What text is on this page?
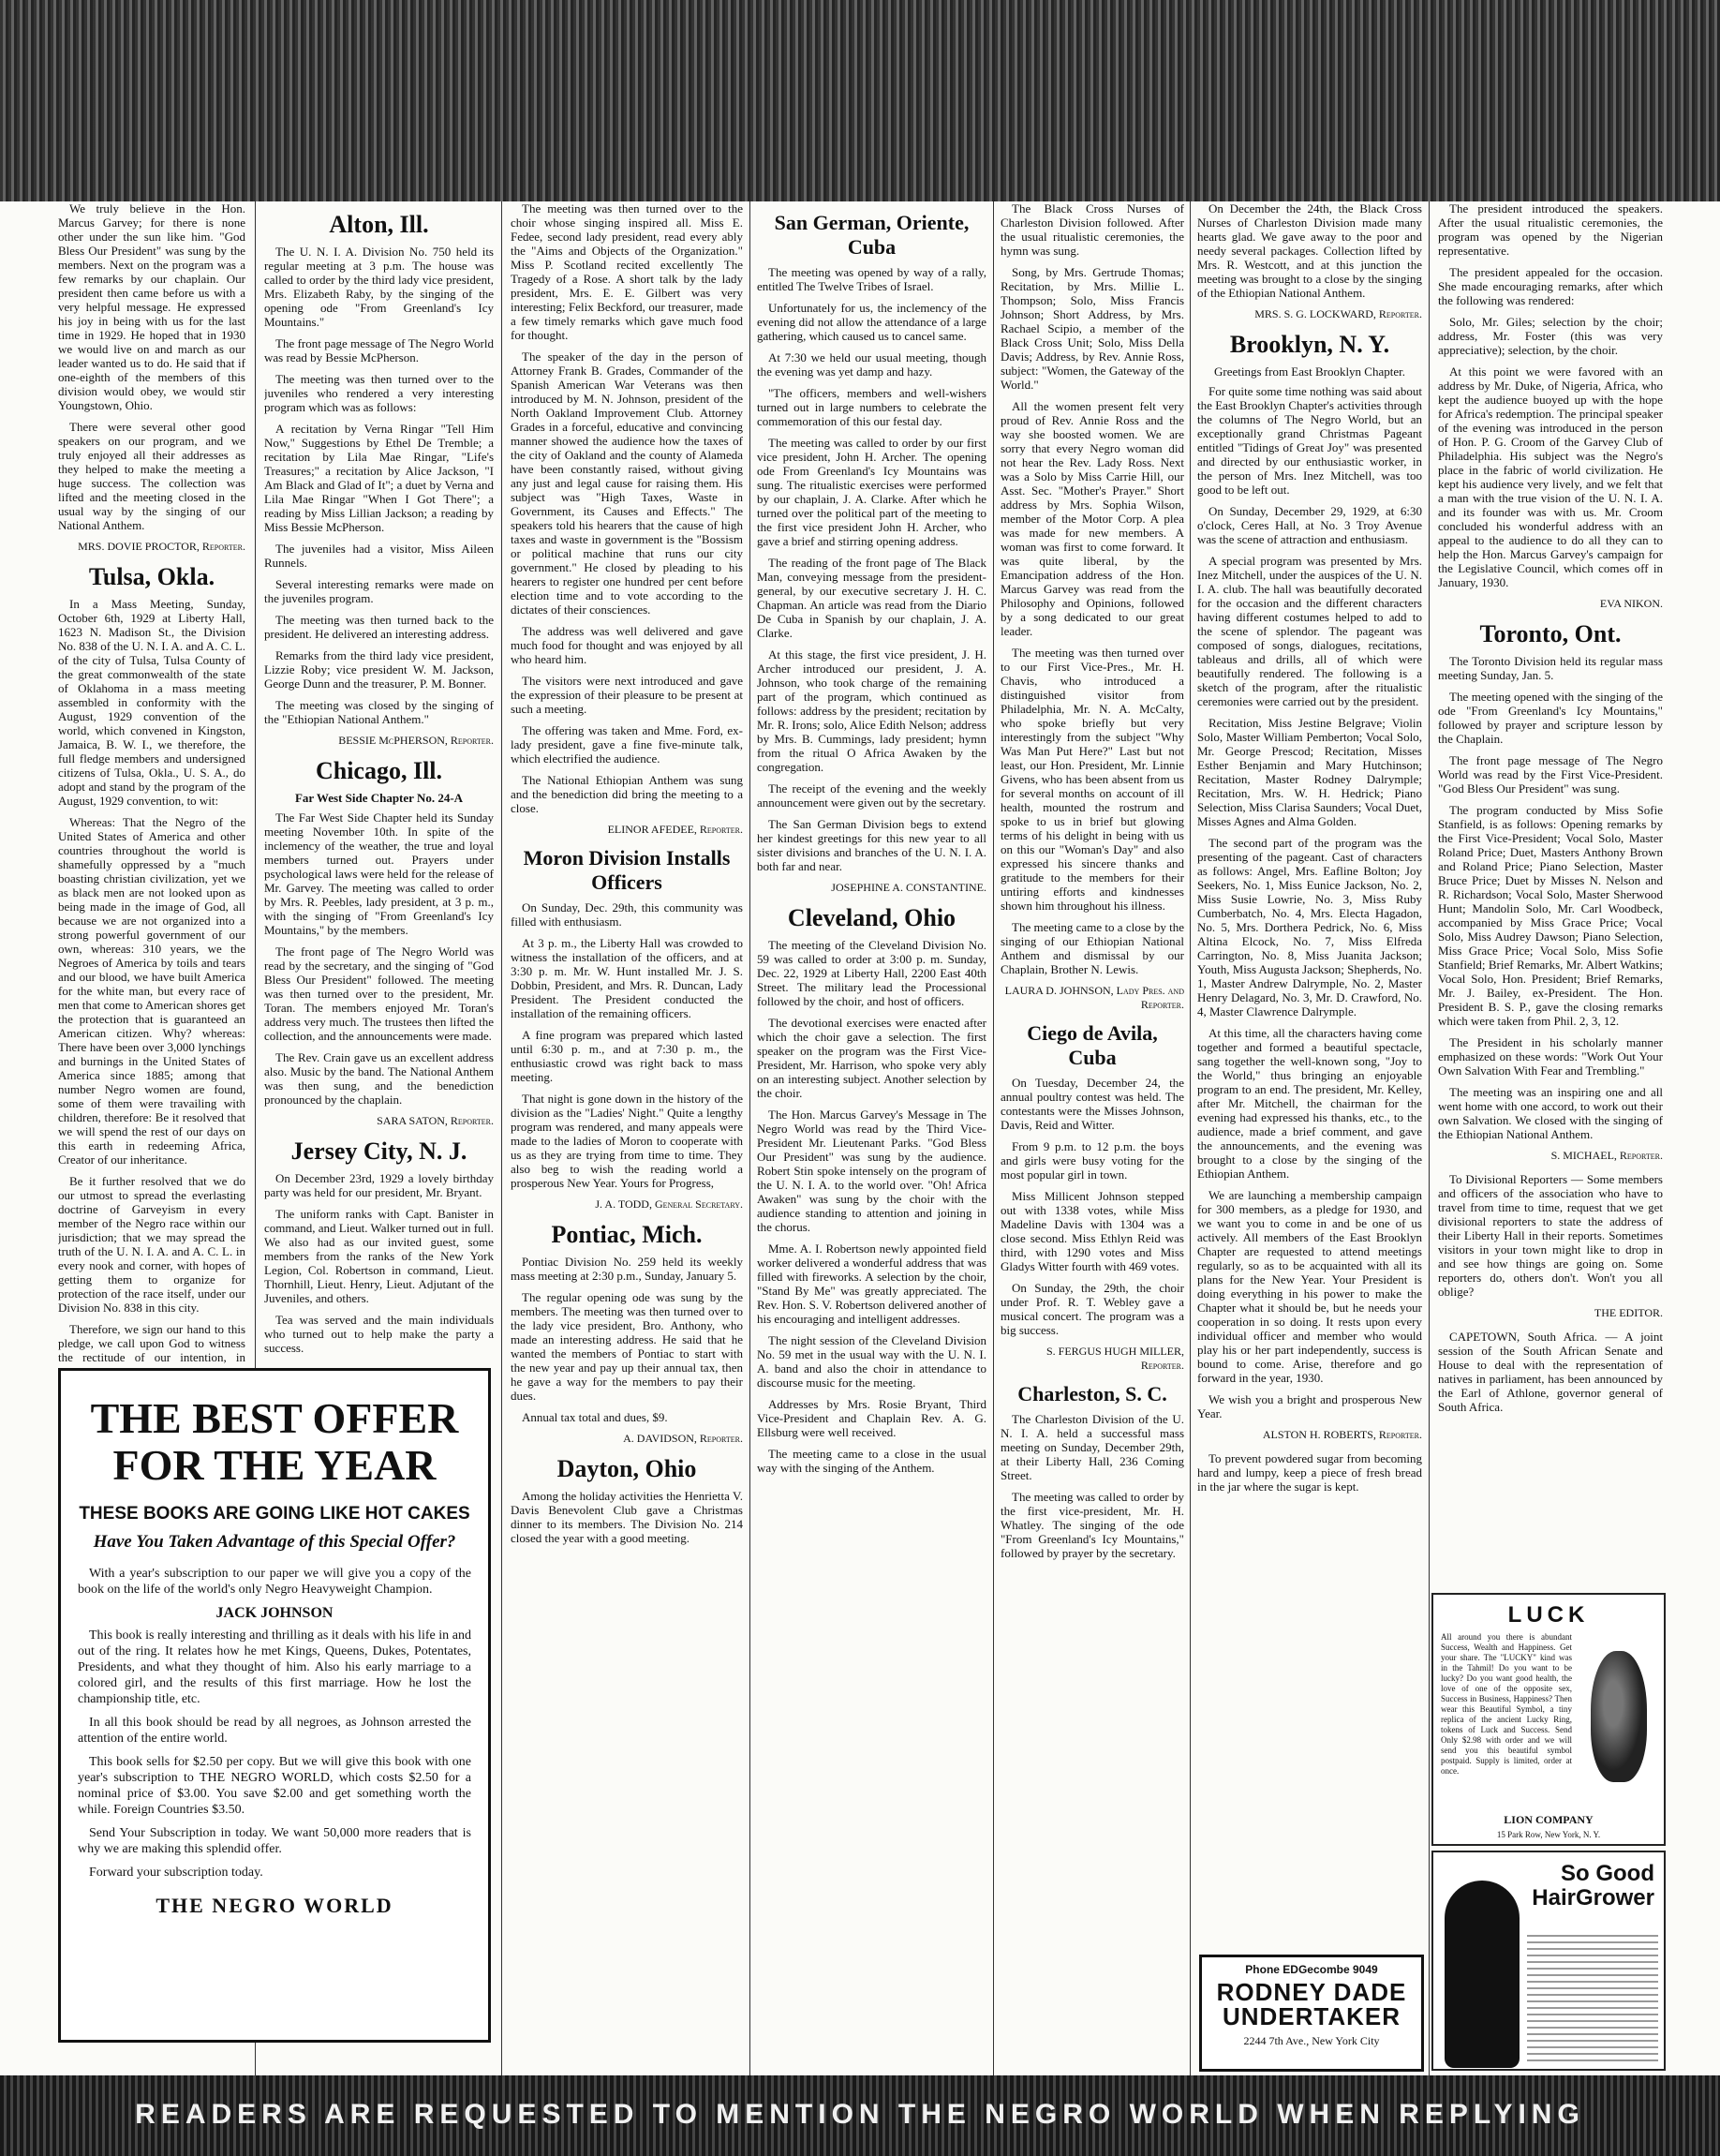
We truly believe in the Hon. Marcus Garvey; for there is none other under the sun like him. "God Bless Our President" was sung by the members. Next on the program was a few remarks by our chaplain. Our president then came before us with a very helpful message. He expressed his joy in being with us for the last time in 1929. He hoped that in 1930 we would live on and march as our leader wanted us to do. He said that if one-eighth of the members of this division would obey, we would stir Youngstown, Ohio.

There were several other good speakers on our program, and we truly enjoyed all their addresses as they helped to make the meeting a huge success. The collection was lifted and the meeting closed in the usual way by the singing of our National Anthem.

MRS. DOVIE PROCTOR, Reporter.
Tulsa, Okla.

In a Mass Meeting, Sunday, October 6th, 1929 at Liberty Hall, 1623 N. Madison St., the Division No. 838 of the U. N. I. A. and A. C. L. of the city of Tulsa, Tulsa County of the great commonwealth of the state of Oklahoma in a mass meeting assembled in conformity with the August, 1929 convention of the world, which convened in Kingston, Jamaica, B. W. I., we therefore, the full fledge members and undersigned citizens of Tulsa, Okla., U. S. A., do adopt and stand by the program of the August, 1929 convention, to wit:

Whereas: That the Negro of the United States of America and other countries throughout the world is shamefully oppressed by a "much boasting christian civilization, yet we as black men are not looked upon as being made in the image of God, all because we are not organized into a strong powerful government of our own, whereas: 310 years, we the Negroes of America by toils and tears and our blood, we have built America for the white man, but every race of men that come to American shores get the protection that is guaranteed an American citizen. Why? whereas: There have been over 3,000 lynchings and burnings in the United States of America since 1885; among that number Negro women are found, some of them were travailing with children, therefore: Be it resolved that we will spend the rest of our days on this earth in redeeming Africa, Creator of our inheritance.

Be it further resolved that we do our utmost to spread the everlasting doctrine of Garveyism in every member of the Negro race within our jurisdiction; that we may spread the truth of the U. N. I. A. and A. C. L. in every nook and corner, with hopes of getting them to organize for protection of the race itself, under our Division No. 838 in this city.

Therefore, we sign our hand to this pledge, we call upon God to witness the rectitude of our intention, in

THE BEST OFFER FOR THE YEAR
THESE BOOKS ARE GOING LIKE HOT CAKES
Have You Taken Advantage of this Special Offer?

With a year's subscription to our paper we will give you a copy of the book on the life of the world's only Negro Heavyweight Champion.

JACK JOHNSON

This book is really interesting and thrilling as it deals with his life in and out of the ring. It relates how he met Kings, Queens, Dukes, Potentates, Presidents, and what they thought of him. Also his early marriage to a colored girl, and the results of this first marriage. How he lost the championship title, etc.

In all this book should be read by all negroes, as Johnson arrested the attention of the entire world.

This book sells for $2.50 per copy. But we will give this book with one year's subscription to THE NEGRO WORLD, which costs $2.50 for a nominal price of $3.00. You save $2.00 and get something worth the while. Foreign Countries $3.50.

Send Your Subscription in today. We want 50,000 more readers that is why we are making this splendid offer.

Forward your subscription today.

THE NEGRO WORLD
Alton, Ill.

The U. N. I. A. Division No. 750 held its regular meeting at 3 p.m. The house was called to order by the third lady vice president, Mrs. Elizabeth Raby, by the singing of the opening ode "From Greenland's Icy Mountains."

The front page message of The Negro World was read by Bessie McPherson.

The meeting was then turned over to the juveniles who rendered a very interesting program which was as follows:

A recitation by Verna Ringar "Tell Him Now," Suggestions by Ethel De Tremble; a recitation by Lila Mae Ringar, "Life's Treasures;" a recitation by Alice Jackson, "I Am Black and Glad of It"; a duet by Verna and Lila Mae Ringar "When I Got There"; a reading by Miss Lillian Jackson; a reading by Miss Bessie McPherson.

The juveniles had a visitor, Miss Aileen Runnels.

Several interesting remarks were made on the juveniles program.

The meeting was then turned back to the president. He delivered an interesting address.

Remarks from the third lady vice president, Lizzie Roby; vice president W. M. Jackson, George Dunn and the treasurer, P. M. Bonner.

The meeting was closed by the singing of the "Ethiopian National Anthem."

BESSIE McPHERSON, Reporter.
Chicago, Ill.
Far West Side Chapter No. 24-A

The Far West Side Chapter held its Sunday meeting November 10th. In spite of the inclemency of the weather, the true and loyal members turned out. Prayers under psychological laws were held for the release of Mr. Garvey. The meeting was called to order by Mrs. R. Peebles, lady president, at 3 p. m., with the singing of "From Greenland's Icy Mountains," by the members.

The front page of The Negro World was read by the secretary, and the singing of "God Bless Our President" followed. The meeting was then turned over to the president, Mr. Toran. The members enjoyed Mr. Toran's address very much. The trustees then lifted the collection, and the announcements were made.

The Rev. Crain gave us an excellent address also. Music by the band. The National Anthem was then sung, and the benediction pronounced by the chaplain.

SARA SATON, Reporter.
Jersey City, N. J.

On December 23rd, 1929 a lovely birthday party was held for our president, Mr. Bryant.

The uniform ranks with Capt. Banister in command, and Lieut. Walker turned out in full. We also had as our invited guest, some members from the ranks of the New York Legion, Col. Robertson in command, Lieut. Thornhill, Lieut. Henry, Lieut. Adjutant of the Juveniles, and others.

Tea was served and the main individuals who turned out to help make the party a success.

The meeting was then turned over to the choir whose singing inspired all. Miss E. Fedee, second lady president, read every ably the "Aims and Objects of the Organization." Miss P. Scotland recited excellently The Tragedy of a Rose. A short talk by the lady president, Mrs. E. E. Gilbert was very interesting; Felix Beckford, our treasurer, made a few timely remarks which gave much food for thought.

The speaker of the day in the person of Attorney Frank B. Grades, Commander of the Spanish American War Veterans was then introduced by M. N. Johnson, president of the North Oakland Improvement Club. Attorney Grades in a forceful, educative and convincing manner showed the audience how the taxes of the city of Oakland and the county of Alameda have been constantly raised, without giving any just and legal cause for raising them. His subject was "High Taxes, Waste in Government, its Causes and Effects." The speakers told his hearers that the cause of high taxes and waste in government is the "Bossism or political machine that runs our city government." He closed by pleading to his hearers to register one hundred per cent before election time and to vote according to the dictates of their consciences.

The address was well delivered and gave much food for thought and was enjoyed by all who heard him.

The visitors were next introduced and gave the expression of their pleasure to be present at such a meeting.

The offering was taken and Mme. Ford, ex-lady president, gave a fine five-minute talk, which electrified the audience.

The National Ethiopian Anthem was sung and the benediction did bring the meeting to a close.

ELINOR AFEDEE, Reporter.
Moron Division Installs Officers

On Sunday, Dec. 29th, this community was filled with enthusiasm.

At 3 p. m., the Liberty Hall was crowded to witness the installation of the officers, and at 3:30 p. m. Mr. W. Hunt installed Mr. J. S. Dobbin, President, and Mrs. R. Duncan, Lady President. The President conducted the installation of the remaining officers.

A fine program was prepared which lasted until 6:30 p. m., and at 7:30 p. m., the enthusiastic crowd was right back to mass meeting.

That night is gone down in the history of the division as the "Ladies' Night." Quite a lengthy program was rendered, and many appeals were made to the ladies of Moron to cooperate with us as they are trying from time to time. They also beg to wish the reading world a prosperous New Year. Yours for Progress,

J. A. TODD, General Secretary.
Pontiac, Mich.

Pontiac Division No. 259 held its weekly mass meeting at 2:30 p.m., Sunday, January 5.

The regular opening ode was sung by the members. The meeting was then turned over to the lady vice president, Bro. Anthony, who made an interesting address. He said that he wanted the members of Pontiac to start with the new year and pay up their annual tax, then he gave a way for the members to pay their dues.

Annual tax total and dues, $9.

A. DAVIDSON, Reporter.
Dayton, Ohio

Among the holiday activities the Henrietta V. Davis Benevolent Club gave a Christmas dinner to its members. The Division No. 214 closed the year with a good meeting.

San German, Oriente, Cuba

The meeting was opened by way of a rally, entitled The Twelve Tribes of Israel.

Unfortunately for us, the inclemency of the evening did not allow the attendance of a large gathering, which caused us to cancel same.

At 7:30 we held our usual meeting, though the evening was yet damp and hazy.

"The officers, members and well-wishers turned out in large numbers to celebrate the commemoration of this our festal day.

The meeting was called to order by our first vice president, John H. Archer. The opening ode From Greenland's Icy Mountains was sung. The ritualistic exercises were performed by our chaplain, J. A. Clarke. After which he turned over the political part of the meeting to the first vice president John H. Archer, who gave a brief and stirring opening address.

The reading of the front page of The Black Man, conveying message from the president-general, by our executive secretary J. H. C. Chapman. An article was read from the Diario De Cuba in Spanish by our chaplain, J. A. Clarke.

At this stage, the first vice president, J. H. Archer introduced our president, J. A. Johnson, who took charge of the remaining part of the program, which continued as follows: address by the president; recitation by Mr. R. Irons; solo, Alice Edith Nelson; address by Mrs. B. Cummings, lady president; hymn from the ritual O Africa Awaken by the congregation.

The receipt of the evening and the weekly announcement were given out by the secretary.

The San German Division begs to extend her kindest greetings for this new year to all sister divisions and branches of the U. N. I. A. both far and near.

JOSEPHINE A. CONSTANTINE.
Cleveland, Ohio

The meeting of the Cleveland Division No. 59 was called to order at 3:00 p. m. Sunday, Dec. 22, 1929 at Liberty Hall, 2200 East 40th Street. The military lead the Processional followed by the choir, and host of officers.

The devotional exercises were enacted after which the choir gave a selection. The first speaker on the program was the First Vice-President, Mr. Harrison, who spoke very ably on an interesting subject. Another selection by the choir.

The Hon. Marcus Garvey's Message in The Negro World was read by the Third Vice-President Mr. Lieutenant Parks. "God Bless Our President" was sung by the audience. Robert Stin spoke intensely on the program of the U. N. I. A. to the world over. "Oh! Africa Awaken" was sung by the choir with the audience standing to attention and joining in the chorus.

Mme. A. I. Robertson newly appointed field worker delivered a wonderful address that was filled with fireworks. A selection by the choir, "Stand By Me" was greatly appreciated. The Rev. Hon. S. V. Robertson delivered another of his encouraging and intelligent addresses.

The night session of the Cleveland Division No. 59 met in the usual way with the U. N. I. A. band and also the choir in attendance to discourse music for the meeting.

Addresses by Mrs. Rosie Bryant, Third Vice-President and Chaplain Rev. A. G. Ellsburg were well received.

The meeting came to a close in the usual way with the singing of the Anthem.

The Black Cross Nurses of Charleston Division followed. After the usual ritualistic ceremonies, the hymn was sung.

Song, by Mrs. Gertrude Thomas; Recitation, by Mrs. Millie L. Thompson; Solo, Miss Francis Johnson; Short Address, by Mrs. Rachael Scipio, a member of the Black Cross Unit; Solo, Miss Della Davis; Address, by Rev. Annie Ross, subject: "Women, the Gateway of the World."

All the women present felt very proud of Rev. Annie Ross and the way she boosted women. We are sorry that every Negro woman did not hear the Rev. Lady Ross. Next was a Solo by Miss Carrie Hill, our Asst. Sec. "Mother's Prayer." Short address by Mrs. Sophia Wilson, member of the Motor Corp. A plea was made for new members. A woman was first to come forward. It was quite liberal, by the Emancipation address of the Hon. Marcus Garvey was read from the Philosophy and Opinions, followed by a song dedicated to our great leader.

The meeting was then turned over to our First Vice-Pres., Mr. H. Chavis, who introduced a distinguished visitor from Philadelphia, Mr. N. A. McCalty, who spoke briefly but very interestingly from the subject "Why Was Man Put Here?" Last but not least, our Hon. President, Mr. Linnie Givens, who has been absent from us for several months on account of ill health, mounted the rostrum and spoke to us in brief but glowing terms of his delight in being with us on this our "Woman's Day" and also expressed his sincere thanks and gratitude to the members for their untiring efforts and kindnesses shown him throughout his illness.

The meeting came to a close by the singing of our Ethiopian National Anthem and dismissal by our Chaplain, Brother N. Lewis.

LAURA D. JOHNSON, Lady Pres. and Reporter.
Ciego de Avila, Cuba

On Tuesday, December 24, the annual poultry contest was held. The contestants were the Misses Johnson, Davis, Reid and Witter.

From 9 p.m. to 12 p.m. the boys and girls were busy voting for the most popular girl in town.

Miss Millicent Johnson stepped out with 1338 votes, while Miss Madeline Davis with 1304 was a close second. Miss Ethlyn Reid was third, with 1290 votes and Miss Gladys Witter fourth with 469 votes.

On Sunday, the 29th, the choir under Prof. R. T. Webley gave a musical concert. The program was a big success.

S. FERGUS HUGH MILLER, Reporter.
Charleston, S. C.

The Charleston Division of the U. N. I. A. held a successful mass meeting on Sunday, December 29th, at their Liberty Hall, 236 Coming Street.

The meeting was called to order by the first vice-president, Mr. H. Whatley. The singing of the ode "From Greenland's Icy Mountains," followed by prayer by the secretary.

On December the 24th, the Black Cross Nurses of Charleston Division made many hearts glad. We gave away to the poor and needy several packages. Collection lifted by Mrs. R. Westcott, and at this junction the meeting was brought to a close by the singing of the Ethiopian National Anthem.

MRS. S. G. LOCKWARD, Reporter.
Brooklyn, N. Y.
Greetings from East Brooklyn Chapter.

For quite some time nothing was said about the East Brooklyn Chapter's activities through the columns of The Negro World, but an exceptionally grand Christmas Pageant entitled "Tidings of Great Joy" was presented and directed by our enthusiastic worker, in the person of Mrs. Inez Mitchell, was too good to be left out.

On Sunday, December 29, 1929, at 6:30 o'clock, Ceres Hall, at No. 3 Troy Avenue was the scene of attraction and enthusiasm.

A special program was presented by Mrs. Inez Mitchell, under the auspices of the U. N. I. A. club. The hall was beautifully decorated for the occasion and the different characters having different costumes helped to add to the scene of splendor. The pageant was composed of songs, dialogues, recitations, tableaus and drills, all of which were beautifully rendered. The following is a sketch of the program, after the ritualistic ceremonies were carried out by the president.

Recitation, Miss Jestine Belgrave; Violin Solo, Master William Pemberton; Vocal Solo, Mr. George Prescod; Recitation, Misses Esther Benjamin and Mary Hutchinson; Recitation, Master Rodney Dalrymple; Recitation, Mrs. W. H. Hedrick; Piano Selection, Miss Clarisa Saunders; Vocal Duet, Misses Agnes and Alma Golden.

The second part of the program was the presenting of the pageant. Cast of characters as follows: Angel, Mrs. Eafline Bolton; Joy Seekers, No. 1, Miss Eunice Jackson, No. 2, Miss Susie Lowrie, No. 3, Miss Ruby Cumberbatch, No. 4, Mrs. Electa Hagadon, No. 5, Mrs. Dorthera Pedrick, No. 6, Miss Altina Elcock, No. 7, Miss Elfreda Carrington, No. 8, Miss Juanita Jackson; Youth, Miss Augusta Jackson; Shepherds, No. 1, Master Andrew Dalrymple, No. 2, Master Henry Delagard, No. 3, Mr. D. Crawford, No. 4, Master Clawrence Dalrymple.

At this time, all the characters having come together and formed a beautiful spectacle, sang together the well-known song, "Joy to the World," thus bringing an enjoyable program to an end. The president, Mr. Kelley, after Mr. Mitchell, the chairman for the evening had expressed his thanks, etc., to the audience, made a brief comment, and gave the announcements, and the evening was brought to a close by the singing of the Ethiopian Anthem.

We are launching a membership campaign for 300 members, as a pledge for 1930, and we want you to come in and be one of us actively. All members of the East Brooklyn Chapter are requested to attend meetings regularly, so as to be acquainted with all its plans for the New Year. Your President is doing everything in his power to make the Chapter what it should be, but he needs your cooperation in so doing. It rests upon every individual officer and member who would play his or her part independently, success is bound to come. Arise, therefore and go forward in the year, 1930.

We wish you a bright and prosperous New Year.

ALSTON H. ROBERTS, Reporter.

To prevent powdered sugar from becoming hard and lumpy, keep a piece of fresh bread in the jar where the sugar is kept.

Phone EDGecombe 9049
RODNEY DADE UNDERTAKER
2244 7th Ave., New York City

The president introduced the speakers. After the usual ritualistic ceremonies, the program was opened by the Nigerian representative.

The president appealed for the occasion. She made encouraging remarks, after which the following was rendered:

Solo, Mr. Giles; selection by the choir; address, Mr. Foster (this was very appreciative); selection, by the choir.

At this point we were favored with an address by Mr. Duke, of Nigeria, Africa, who kept the audience buoyed up with the hope for Africa's redemption. The principal speaker of the evening was introduced in the person of Hon. P. G. Croom of the Garvey Club of Philadelphia. His subject was the Negro's place in the fabric of world civilization. He kept his audience very lively, and we felt that a man with the true vision of the U. N. I. A. and its founder was with us. Mr. Croom concluded his wonderful address with an appeal to the audience to do all they can to help the Hon. Marcus Garvey's campaign for the Legislative Council, which comes off in January, 1930.

EVA NIKON.
Toronto, Ont.

The Toronto Division held its regular mass meeting Sunday, Jan. 5.

The meeting opened with the singing of the ode "From Greenland's Icy Mountains," followed by prayer and scripture lesson by the Chaplain.

The front page message of The Negro World was read by the First Vice-President. "God Bless Our President" was sung.

The program conducted by Miss Sofie Stanfield, is as follows: Opening remarks by the First Vice-President; Vocal Solo, Master Roland Price; Duet, Masters Anthony Brown and Roland Price; Piano Selection, Master Bruce Price; Duet by Misses N. Nelson and R. Richardson; Vocal Solo, Master Sherwood Hunt; Mandolin Solo, Mr. Carl Woodbeck, accompanied by Miss Grace Price; Vocal Solo, Miss Audrey Dawson; Piano Selection, Miss Grace Price; Vocal Solo, Miss Sofie Stanfield; Brief Remarks, Mr. Albert Watkins; Vocal Solo, Hon. President; Brief Remarks, Mr. J. Bailey, ex-President. The Hon. President B. S. P., gave the closing remarks which were taken from Phil. 2, 3, 12.

The President in his scholarly manner emphasized on these words: "Work Out Your Own Salvation With Fear and Trembling."

The meeting was an inspiring one and all went home with one accord, to work out their own Salvation. We closed with the singing of the Ethiopian National Anthem.

S. MICHAEL, Reporter.

To Divisional Reporters — Some members and officers of the association who have to travel from time to time, request that we get divisional reporters to state the address of their Liberty Hall in their reports. Sometimes visitors in your town might like to drop in and see how things are going on. Some reporters do, others don't. Won't you all oblige?

THE EDITOR.

CAPETOWN, South Africa. — A joint session of the South African Senate and House to deal with the representation of natives in parliament, has been announced by the Earl of Athlone, governor general of South Africa.

LUCK
All around you there is abundant Success, Wealth and Happiness. Get your share. The "LUCKY" kind was in the Tahmil! Do you want to be lucky? Do you want good health, the love of one of the opposite sex, Success in Business, Happiness? Then wear this Beautiful Symbol, a tiny replica of the ancient Lucky Ring, tokens of Luck and Success. Send Only $2.98 with order and we will send you this beautiful symbol postpaid. Supply is limited, order at once.
LION COMPANY
15 Park Row, New York, N. Y.
So Good HairGrower
READERS ARE REQUESTED TO MENTION THE NEGRO WORLD WHEN REPLYING
